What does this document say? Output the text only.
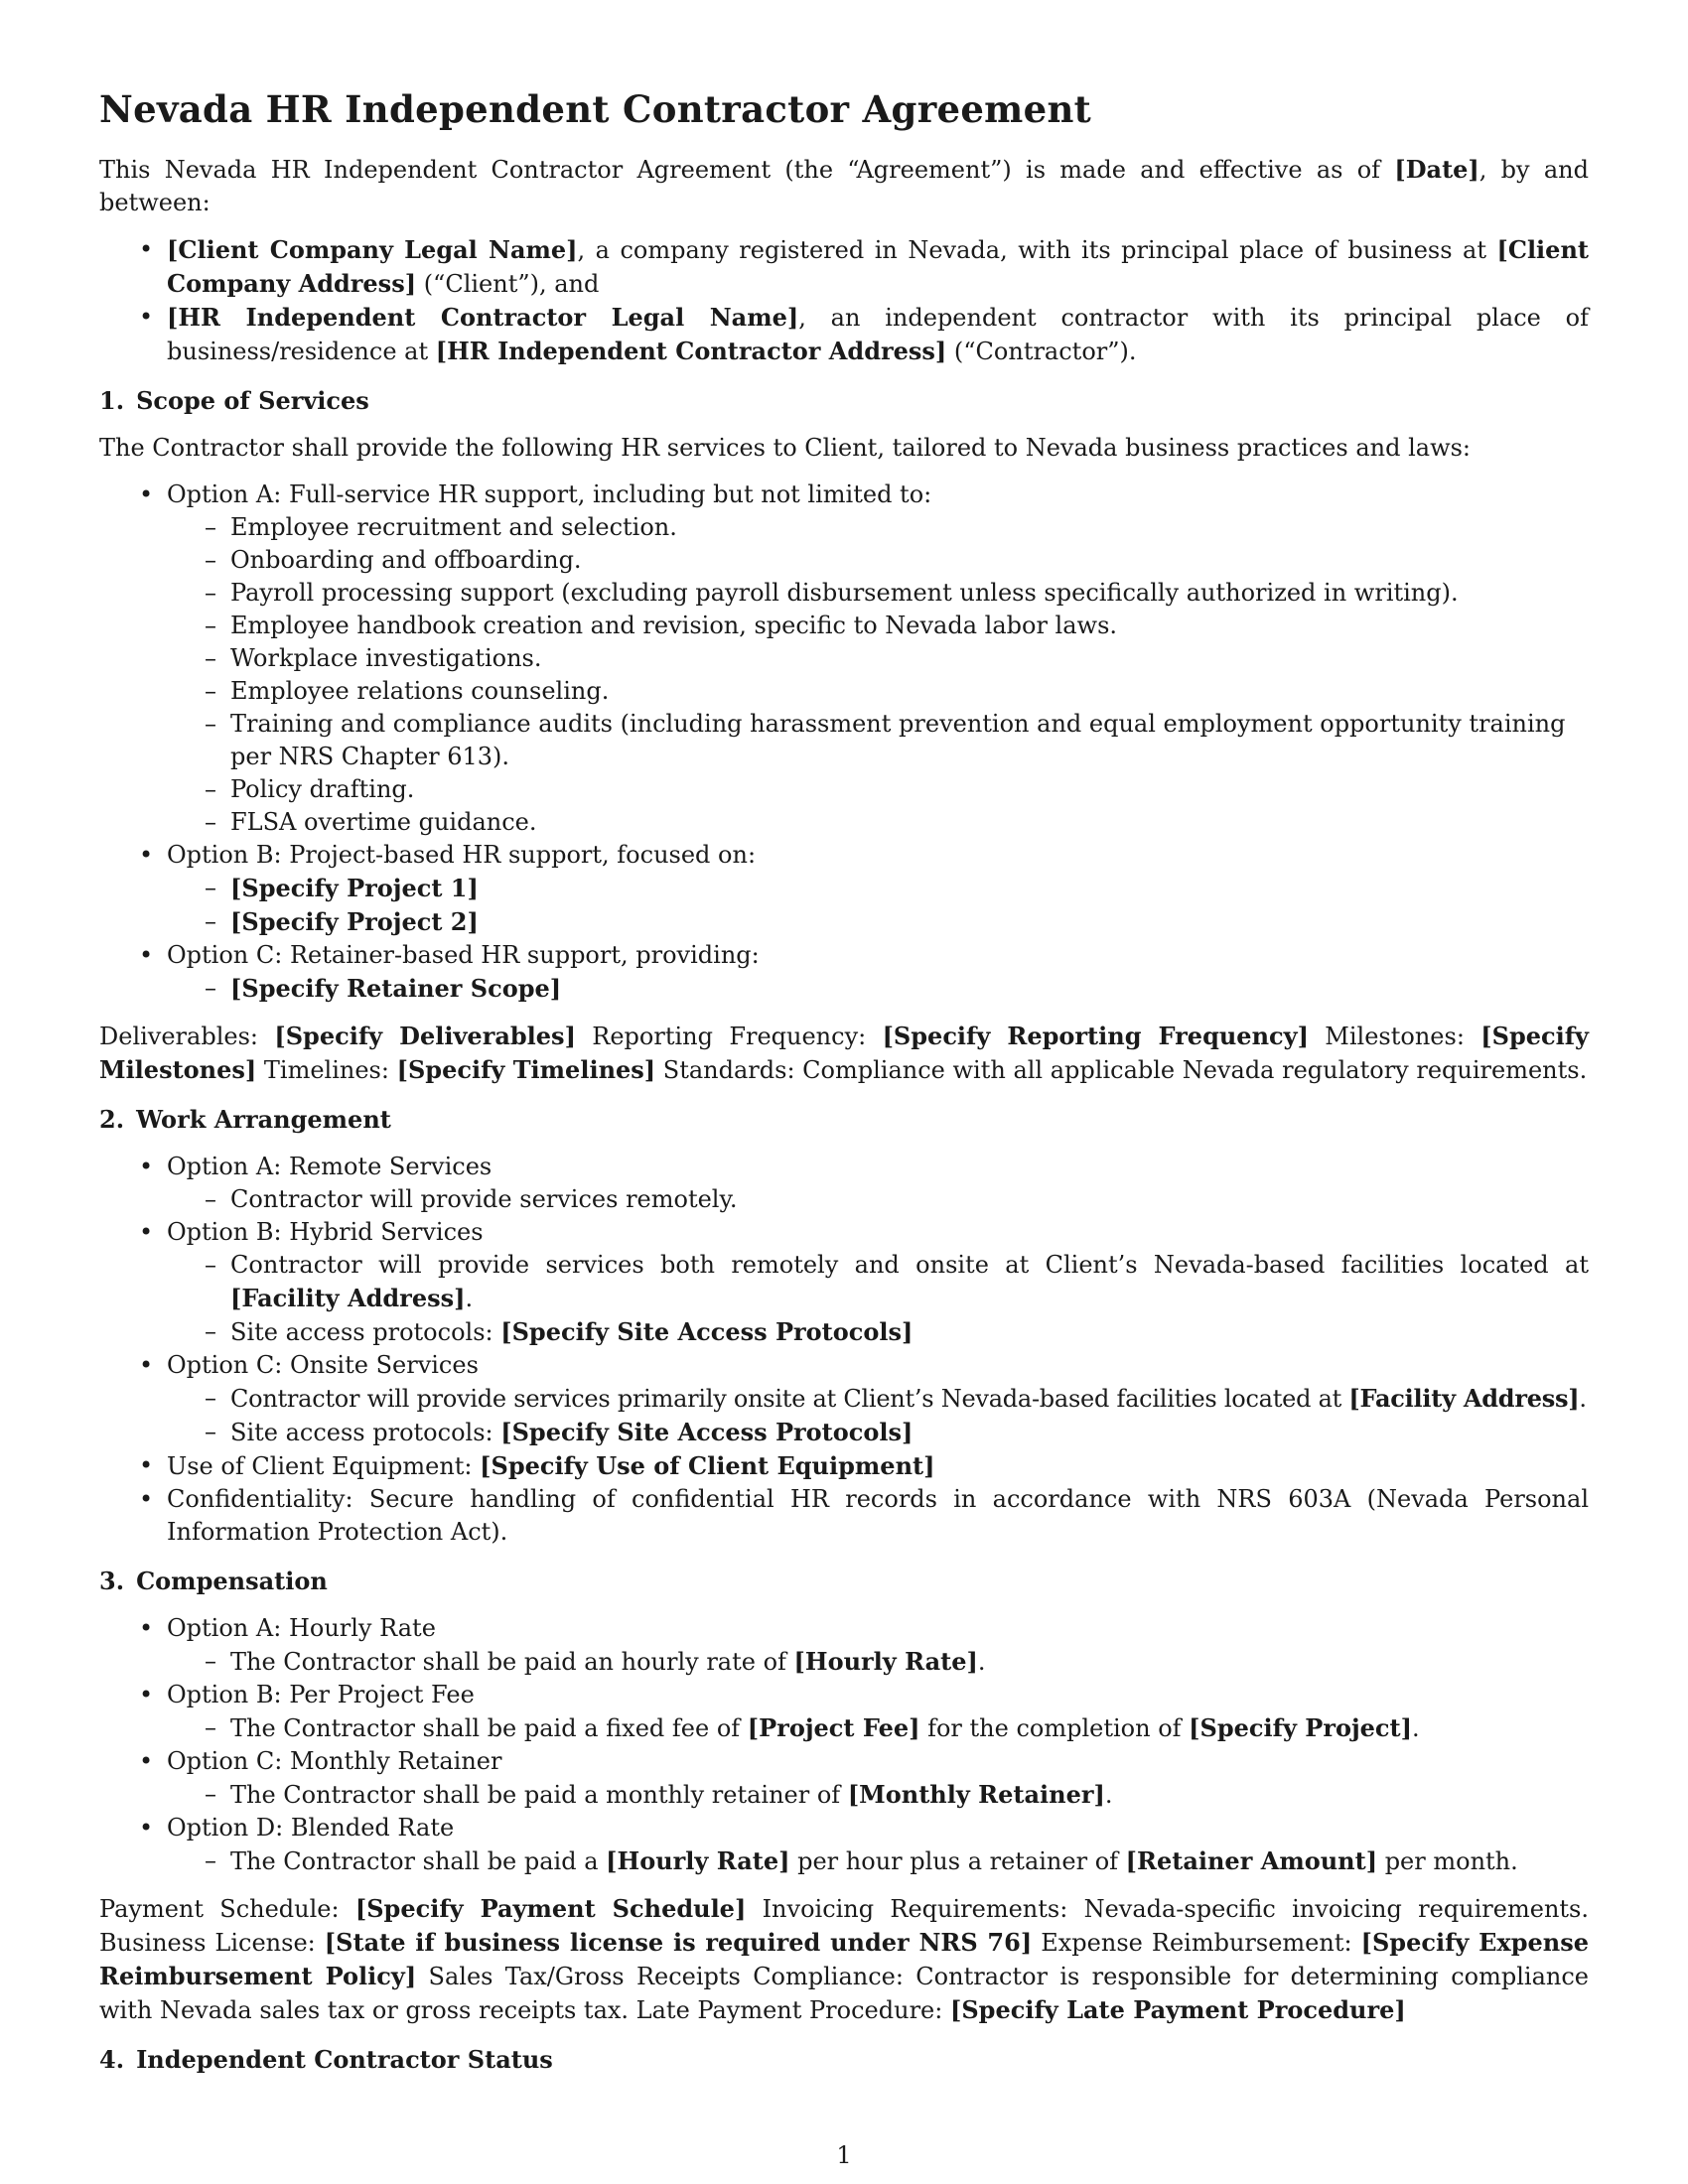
Nevada HR Independent Contractor Agreement

This Nevada HR Independent Contractor Agreement (the “Agreement”) is made and effective as of [Date], by and between:

• [Client Company Legal Name], a company registered in Nevada, with its principal place of business at [Client Company Address] (“Client”), and
• [HR Independent Contractor Legal Name], an independent contractor with its principal place of business/residence at [HR Independent Contractor Address] (“Contractor”).
1. Scope of Services

The Contractor shall provide the following HR services to Client, tailored to Nevada business practices and laws:

• Option A: Full-service HR support, including but not limited to:
– Employee recruitment and selection.
– Onboarding and offboarding.
– Payroll processing support (excluding payroll disbursement unless specifically authorized in writing).
– Employee handbook creation and revision, specific to Nevada labor laws.
– Workplace investigations.
– Employee relations counseling.
– Training and compliance audits (including harassment prevention and equal employment opportunity training per NRS Chapter 613).
– Policy drafting.
– FLSA overtime guidance.
• Option B: Project-based HR support, focused on:
– [Specify Project 1]
– [Specify Project 2]
• Option C: Retainer-based HR support, providing:
– [Specify Retainer Scope]

Deliverables: [Specify Deliverables] Reporting Frequency: [Specify Reporting Frequency] Milestones: [Specify Milestones] Timelines: [Specify Timelines] Standards: Compliance with all applicable Nevada regulatory requirements.

2. Work Arrangement
• Option A: Remote Services
– Contractor will provide services remotely.
• Option B: Hybrid Services
– Contractor will provide services both remotely and onsite at Client’s Nevada-based facilities located at [Facility Address].
– Site access protocols: [Specify Site Access Protocols]
• Option C: Onsite Services
– Contractor will provide services primarily onsite at Client’s Nevada-based facilities located at [Facility Address].
– Site access protocols: [Specify Site Access Protocols]
• Use of Client Equipment: [Specify Use of Client Equipment]
• Confidentiality: Secure handling of confidential HR records in accordance with NRS 603A (Nevada Personal Information Protection Act).
3. Compensation
• Option A: Hourly Rate
– The Contractor shall be paid an hourly rate of [Hourly Rate].
• Option B: Per Project Fee
– The Contractor shall be paid a fixed fee of [Project Fee] for the completion of [Specify Project].
• Option C: Monthly Retainer
– The Contractor shall be paid a monthly retainer of [Monthly Retainer].
• Option D: Blended Rate
– The Contractor shall be paid a [Hourly Rate] per hour plus a retainer of [Retainer Amount] per month.

Payment Schedule: [Specify Payment Schedule] Invoicing Requirements: Nevada-specific invoicing requirements. Business License: [State if business license is required under NRS 76] Expense Reimbursement: [Specify Expense Reimbursement Policy] Sales Tax/Gross Receipts Compliance: Contractor is responsible for determining compliance with Nevada sales tax or gross receipts tax. Late Payment Procedure: [Specify Late Payment Procedure]

4. Independent Contractor Status
1
